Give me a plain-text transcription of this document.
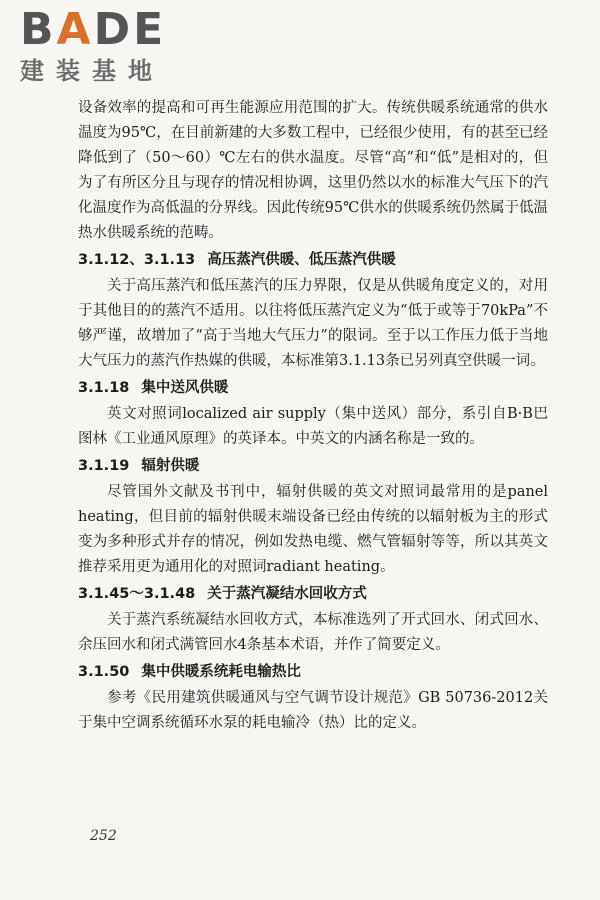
BADE
建装基地

设备效率的提高和可再生能源应用范围的扩大。传统供暖系统通常的供水温度为95℃，在目前新建的大多数工程中，已经很少使用，有的甚至已经降低到了（50～60）℃左右的供水温度。尽管“高”和“低”是相对的，但为了有所区分且与现存的情况相协调，这里仍然以水的标准大气压下的汽化温度作为高低温的分界线。因此传统95℃供水的供暖系统仍然属于低温热水供暖系统的范畴。

3.1.12、3.1.13 高压蒸汽供暖、低压蒸汽供暖

关于高压蒸汽和低压蒸汽的压力界限，仅是从供暖角度定义的，对用于其他目的的蒸汽不适用。以往将低压蒸汽定义为“低于或等于70kPa”不够严谨，故增加了“高于当地大气压力”的限词。至于以工作压力低于当地大气压力的蒸汽作热媒的供暖，本标准第3.1.13条已另列真空供暖一词。

3.1.18 集中送风供暖

英文对照词localized air supply（集中送风）部分，系引自B·B巴图林《工业通风原理》的英译本。中英文的内涵名称是一致的。

3.1.19 辐射供暖

尽管国外文献及书刊中，辐射供暖的英文对照词最常用的是panel heating，但目前的辐射供暖末端设备已经由传统的以辐射板为主的形式变为多种形式并存的情况，例如发热电缆、燃气管辐射等等，所以其英文推荐采用更为通用化的对照词radiant heating。

3.1.45～3.1.48 关于蒸汽凝结水回收方式

关于蒸汽系统凝结水回收方式，本标准选列了开式回水、闭式回水、余压回水和闭式满管回水4条基本术语，并作了简要定义。

3.1.50 集中供暖系统耗电输热比

参考《民用建筑供暖通风与空气调节设计规范》GB 50736-2012关于集中空调系统循环水泵的耗电输冷（热）比的定义。

252
